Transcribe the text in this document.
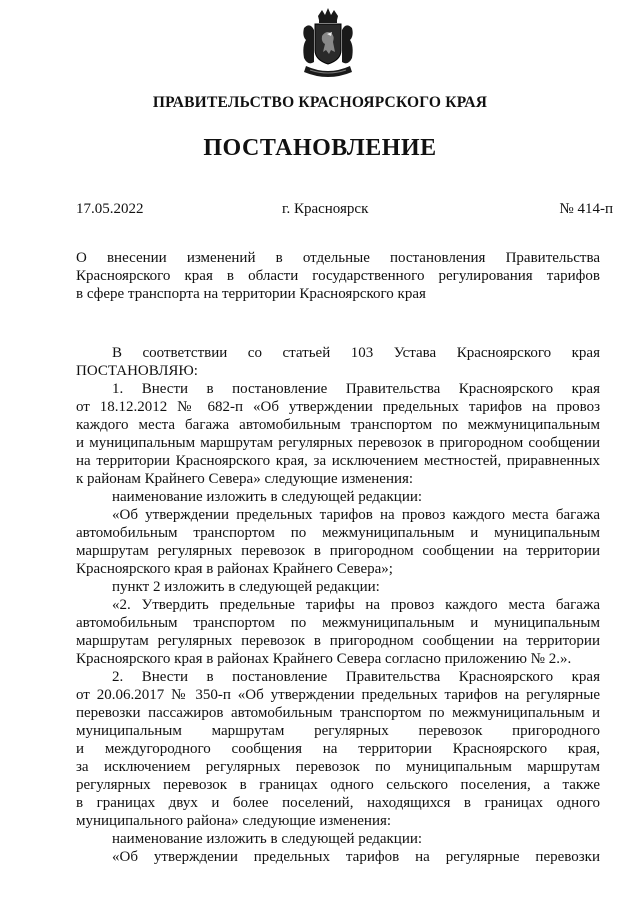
ПРАВИТЕЛЬСТВО КРАСНОЯРСКОГО КРАЯ
ПОСТАНОВЛЕНИЕ
17.05.2022	г. Красноярск	№ 414-п
О внесении изменений в отдельные постановления Правительства
Красноярского края в области государственного регулирования тарифов
в сфере транспорта на территории Красноярского края
В соответствии со статьей 103 Устава Красноярского края
ПОСТАНОВЛЯЮ:
1. Внести в постановление Правительства Красноярского края
от 18.12.2012 № 682-п «Об утверждении предельных тарифов на провоз
каждого места багажа автомобильным транспортом по межмуниципальным
и муниципальным маршрутам регулярных перевозок в пригородном сообщении
на территории Красноярского края, за исключением местностей, приравненных
к районам Крайнего Севера» следующие изменения:
наименование изложить в следующей редакции:
«Об утверждении предельных тарифов на провоз каждого места багажа
автомобильным транспортом по межмуниципальным и муниципальным
маршрутам регулярных перевозок в пригородном сообщении на территории
Красноярского края в районах Крайнего Севера»;
пункт 2 изложить в следующей редакции:
«2. Утвердить предельные тарифы на провоз каждого места багажа
автомобильным транспортом по межмуниципальным и муниципальным
маршрутам регулярных перевозок в пригородном сообщении на территории
Красноярского края в районах Крайнего Севера согласно приложению № 2.».
2. Внести в постановление Правительства Красноярского края
от 20.06.2017 № 350-п «Об утверждении предельных тарифов на регулярные
перевозки пассажиров автомобильным транспортом по межмуниципальным и
муниципальным маршрутам регулярных перевозок пригородного
и междугородного сообщения на территории Красноярского края,
за исключением регулярных перевозок по муниципальным маршрутам
регулярных перевозок в границах одного сельского поселения, а также
в границах двух и более поселений, находящихся в границах одного
муниципального района» следующие изменения:
наименование изложить в следующей редакции:
«Об утверждении предельных тарифов на регулярные перевозки
